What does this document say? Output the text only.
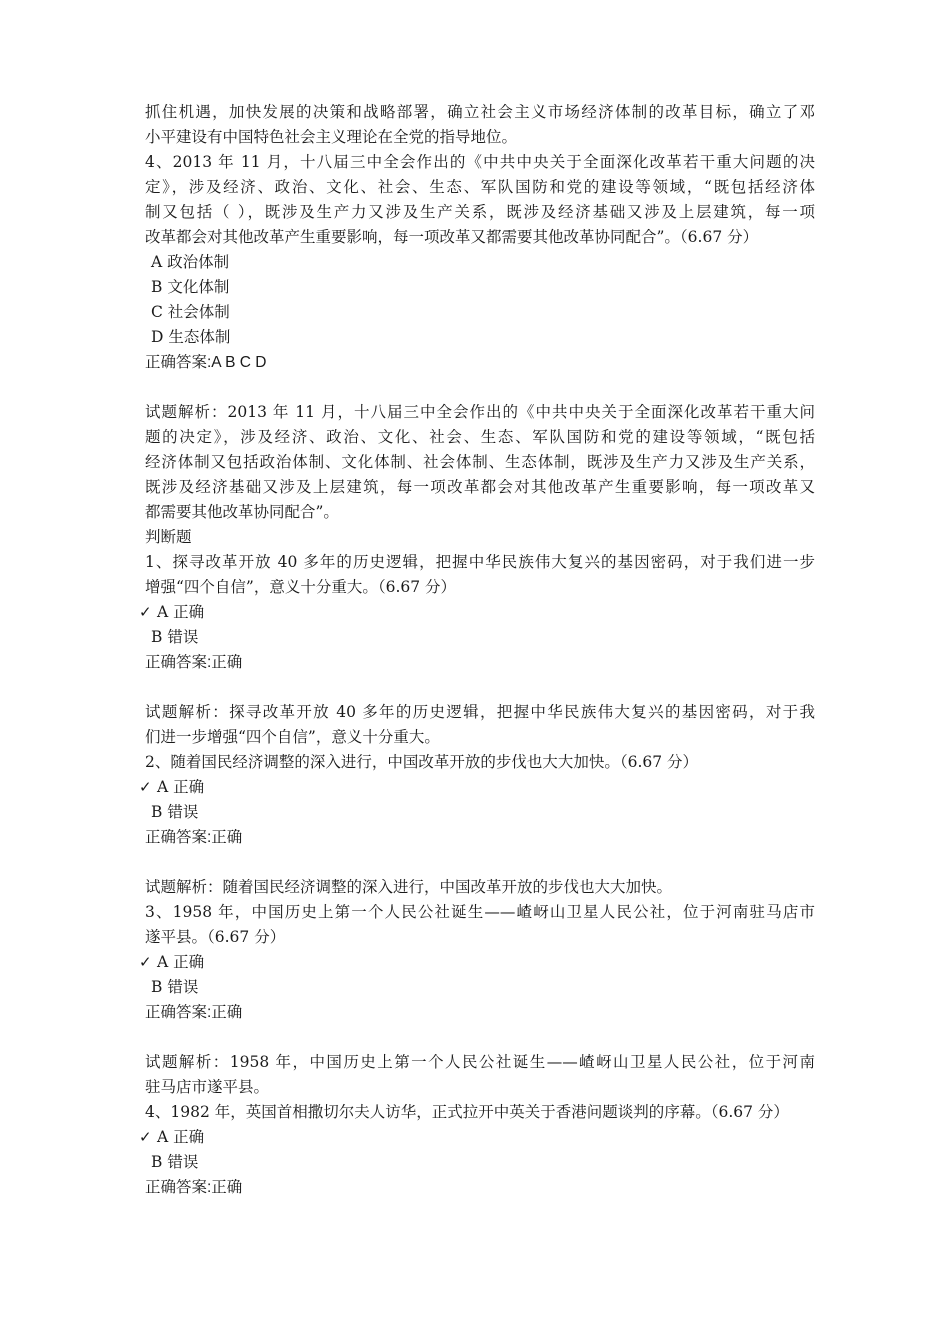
抓住机遇，加快发展的决策和战略部署，确立社会主义市场经济体制的改革目标，确立了邓
小平建设有中国特色社会主义理论在全党的指导地位。
4、2013 年 11 月，十八届三中全会作出的《中共中央关于全面深化改革若干重大问题的决
定》，涉及经济、政治、文化、社会、生态、军队国防和党的建设等领域，“既包括经济体
制又包括（ ），既涉及生产力又涉及生产关系，既涉及经济基础又涉及上层建筑，每一项
改革都会对其他改革产生重要影响，每一项改革又都需要其他改革协同配合”。（6.67 分）
A 政治体制
B 文化体制
C 社会体制
D 生态体制
正确答案:A B C D
试题解析：2013 年 11 月，十八届三中全会作出的《中共中央关于全面深化改革若干重大问
题的决定》，涉及经济、政治、文化、社会、生态、军队国防和党的建设等领域，“既包括
经济体制又包括政治体制、文化体制、社会体制、生态体制，既涉及生产力又涉及生产关系，
既涉及经济基础又涉及上层建筑，每一项改革都会对其他改革产生重要影响，每一项改革又
都需要其他改革协同配合”。
判断题
1、探寻改革开放 40 多年的历史逻辑，把握中华民族伟大复兴的基因密码，对于我们进一步
增强“四个自信”，意义十分重大。（6.67 分）
✓ A 正确
B 错误
正确答案:正确
试题解析：探寻改革开放 40 多年的历史逻辑，把握中华民族伟大复兴的基因密码，对于我
们进一步增强“四个自信”，意义十分重大。
2、随着国民经济调整的深入进行，中国改革开放的步伐也大大加快。（6.67 分）
✓ A 正确
B 错误
正确答案:正确
试题解析：随着国民经济调整的深入进行，中国改革开放的步伐也大大加快。
3、1958 年，中国历史上第一个人民公社诞生——嵖岈山卫星人民公社，位于河南驻马店市
遂平县。（6.67 分）
✓ A 正确
B 错误
正确答案:正确
试题解析：1958 年，中国历史上第一个人民公社诞生——嵖岈山卫星人民公社，位于河南
驻马店市遂平县。
4、1982 年，英国首相撒切尔夫人访华，正式拉开中英关于香港问题谈判的序幕。（6.67 分）
✓ A 正确
B 错误
正确答案:正确
